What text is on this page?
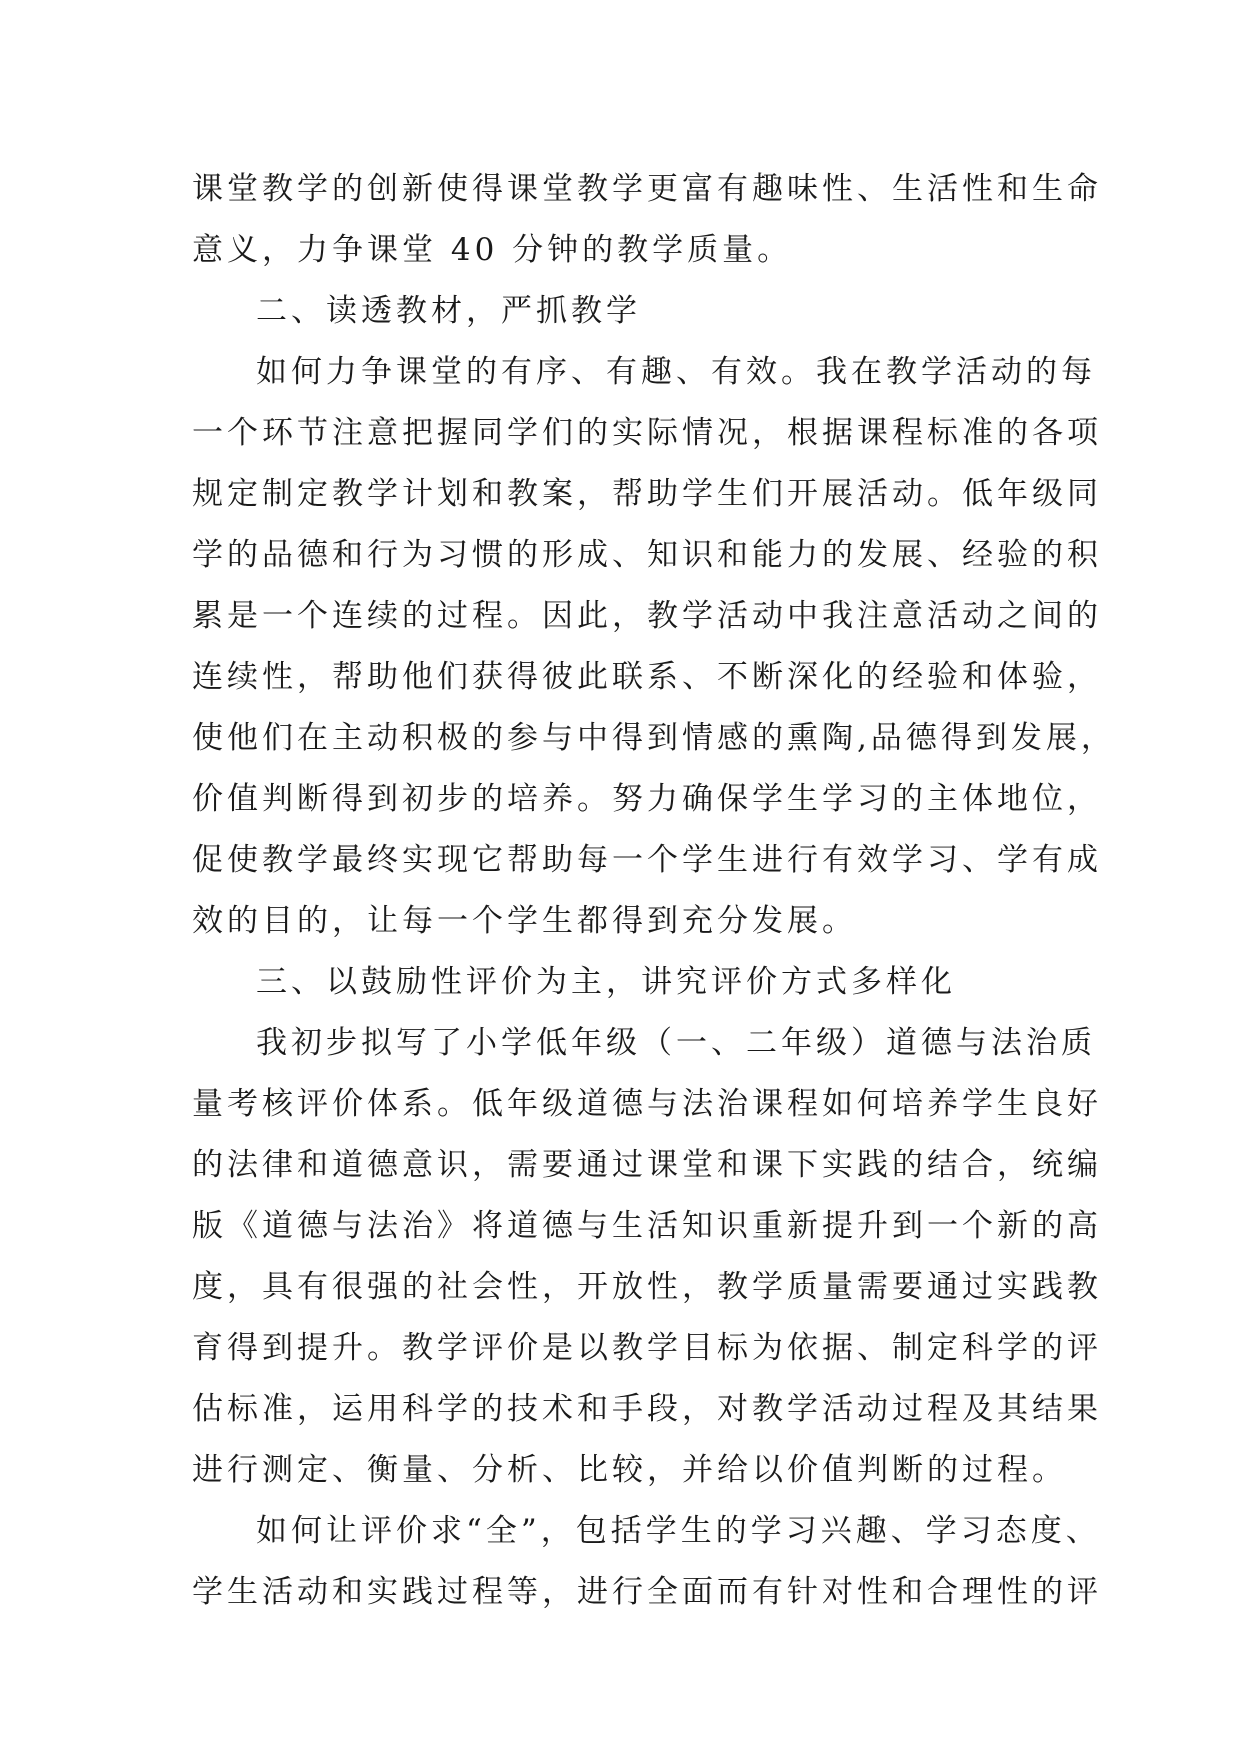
课堂教学的创新使得课堂教学更富有趣味性、生活性和生命
意义，力争课堂 40 分钟的教学质量。
二、读透教材，严抓教学
如何力争课堂的有序、有趣、有效。我在教学活动的每
一个环节注意把握同学们的实际情况，根据课程标准的各项
规定制定教学计划和教案，帮助学生们开展活动。低年级同
学的品德和行为习惯的形成、知识和能力的发展、经验的积
累是一个连续的过程。因此，教学活动中我注意活动之间的
连续性，帮助他们获得彼此联系、不断深化的经验和体验，
使他们在主动积极的参与中得到情感的熏陶,品德得到发展，
价值判断得到初步的培养。努力确保学生学习的主体地位，
促使教学最终实现它帮助每一个学生进行有效学习、学有成
效的目的，让每一个学生都得到充分发展。
三、以鼓励性评价为主，讲究评价方式多样化
我初步拟写了小学低年级（一、二年级）道德与法治质
量考核评价体系。低年级道德与法治课程如何培养学生良好
的法律和道德意识，需要通过课堂和课下实践的结合，统编
版《道德与法治》将道德与生活知识重新提升到一个新的高
度，具有很强的社会性，开放性，教学质量需要通过实践教
育得到提升。教学评价是以教学目标为依据、制定科学的评
估标准，运用科学的技术和手段，对教学活动过程及其结果
进行测定、衡量、分析、比较，并给以价值判断的过程。
如何让评价求“全”，包括学生的学习兴趣、学习态度、
学生活动和实践过程等，进行全面而有针对性和合理性的评
